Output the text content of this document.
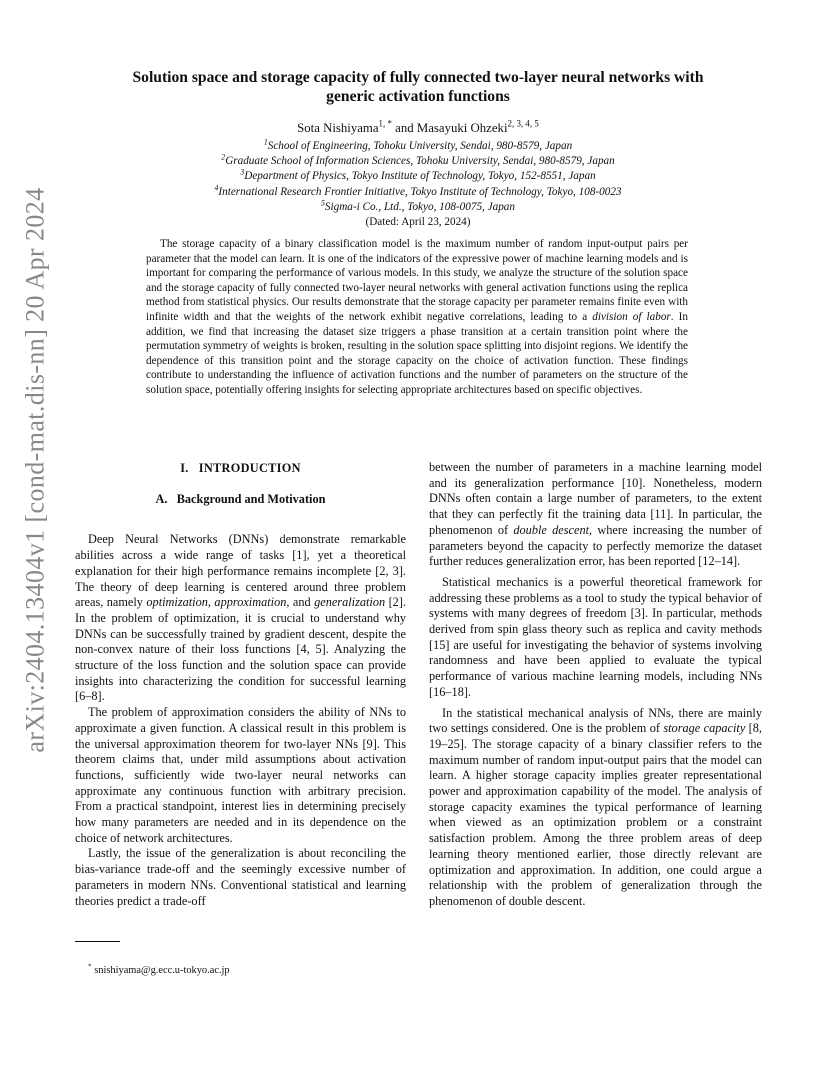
arXiv:2404.13404v1 [cond-mat.dis-nn] 20 Apr 2024
Solution space and storage capacity of fully connected two-layer neural networks with
generic activation functions
Sota Nishiyama$^{1, *}$ and Masayuki Ohzeki$^{2, 3, 4, 5}$
$^1$School of Engineering, Tohoku University, Sendai, 980-8579, Japan
$^2$Graduate School of Information Sciences, Tohoku University, Sendai, 980-8579, Japan
$^3$Department of Physics, Tokyo Institute of Technology, Tokyo, 152-8551, Japan
$^4$International Research Frontier Initiative, Tokyo Institute of Technology, Tokyo, 108-0023
$^5$Sigma-i Co., Ltd., Tokyo, 108-0075, Japan
(Dated: April 23, 2024)

The storage capacity of a binary classification model is the maximum number of random input-output pairs per parameter that the model can learn. It is one of the indicators of the expressive power of machine learning models and is important for comparing the performance of various models. In this study, we analyze the structure of the solution space and the storage capacity of fully connected two-layer neural networks with general activation functions using the replica method from statistical physics. Our results demonstrate that the storage capacity per parameter remains finite even with infinite width and that the weights of the network exhibit negative correlations, leading to a division of labor. In addition, we find that increasing the dataset size triggers a phase transition at a certain transition point where the permutation symmetry of weights is broken, resulting in the solution space splitting into disjoint regions. We identify the dependence of this transition point and the storage capacity on the choice of activation function. These findings contribute to understanding the influence of activation functions and the number of parameters on the structure of the solution space, potentially offering insights for selecting appropriate architectures based on specific objectives.

I.   INTRODUCTION
A.   Background and Motivation

Deep Neural Networks (DNNs) demonstrate remarkable abilities across a wide range of tasks [1], yet a theoretical explanation for their high performance remains incomplete [2, 3]. The theory of deep learning is centered around three problem areas, namely optimization, approximation, and generalization [2]. In the problem of optimization, it is crucial to understand why DNNs can be successfully trained by gradient descent, despite the non-convex nature of their loss functions [4, 5]. Analyzing the structure of the loss function and the solution space can provide insights into characterizing the condition for successful learning [6–8].

The problem of approximation considers the ability of NNs to approximate a given function. A classical result in this problem is the universal approximation theorem for two-layer NNs [9]. This theorem claims that, under mild assumptions about activation functions, sufficiently wide two-layer neural networks can approximate any continuous function with arbitrary precision. From a practical standpoint, interest lies in determining precisely how many parameters are needed and in its dependence on the choice of network architectures.

Lastly, the issue of the generalization is about reconciling the bias-variance trade-off and the seemingly excessive number of parameters in modern NNs. Conventional statistical and learning theories predict a trade-off

between the number of parameters in a machine learning model and its generalization performance [10]. Nonetheless, modern DNNs often contain a large number of parameters, to the extent that they can perfectly fit the training data [11]. In particular, the phenomenon of double descent, where increasing the number of parameters beyond the capacity to perfectly memorize the dataset further reduces generalization error, has been reported [12–14].

Statistical mechanics is a powerful theoretical framework for addressing these problems as a tool to study the typical behavior of systems with many degrees of freedom [3]. In particular, methods derived from spin glass theory such as replica and cavity methods [15] are useful for investigating the behavior of systems involving randomness and have been applied to evaluate the typical performance of various machine learning models, including NNs [16–18].

In the statistical mechanical analysis of NNs, there are mainly two settings considered. One is the problem of storage capacity [8, 19–25]. The storage capacity of a binary classifier refers to the maximum number of random input-output pairs that the model can learn. A higher storage capacity implies greater representational power and approximation capability of the model. The analysis of storage capacity examines the typical performance of learning when viewed as an optimization problem or a constraint satisfaction problem. Among the three problem areas of deep learning theory mentioned earlier, those directly relevant are optimization and approximation. In addition, one could argue a relationship with the problem of generalization through the phenomenon of double descent.

* snishiyama@g.ecc.u-tokyo.ac.jp
